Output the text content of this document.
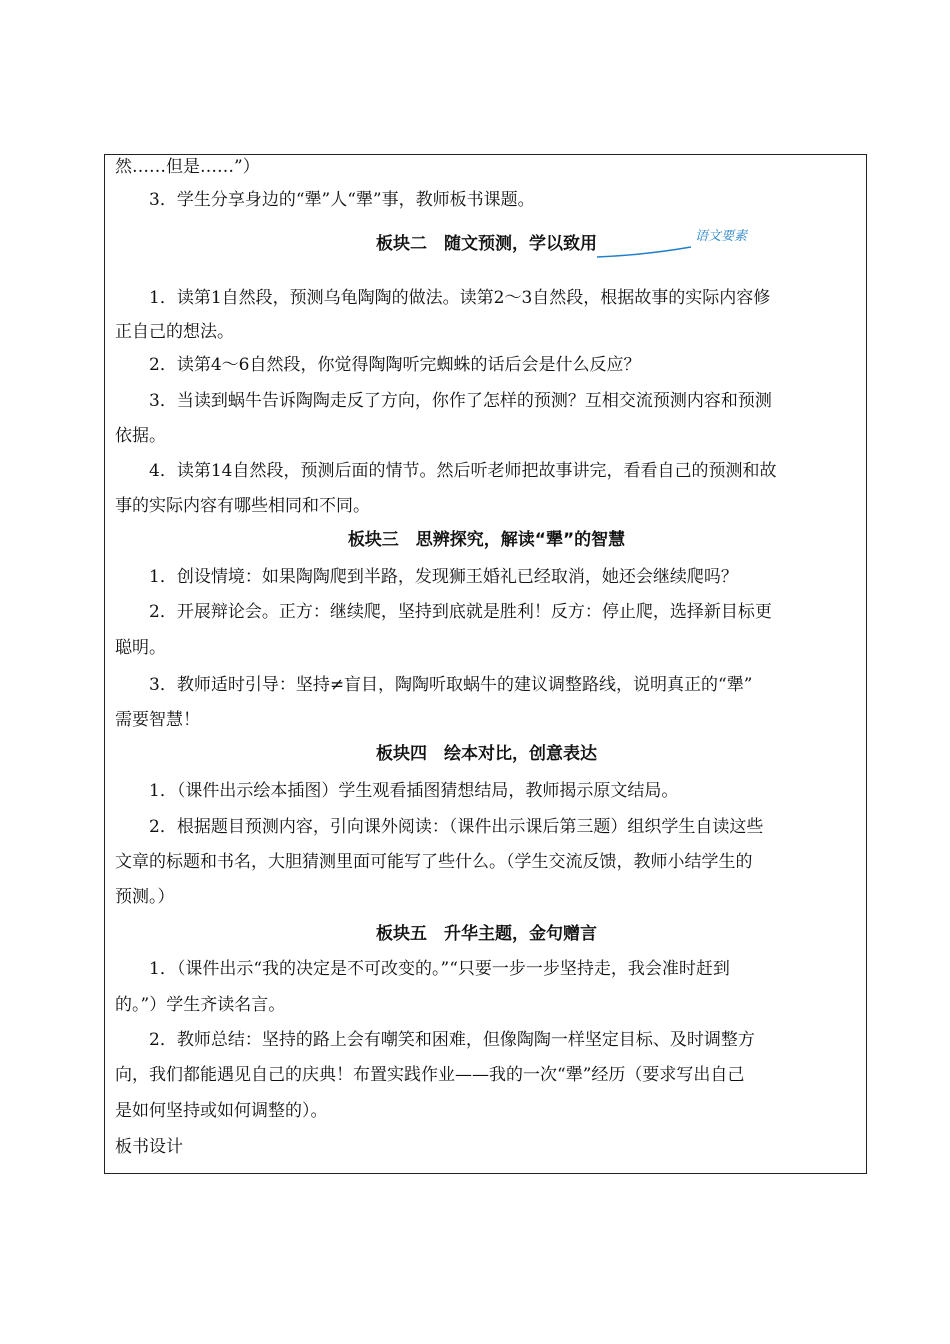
然……但是……”）
3．学生分享身边的“犟”人“犟”事，教师板书课题。
板块二　随文预测，学以致用	语文要素
1．读第1自然段，预测乌龟陶陶的做法。读第2～3自然段，根据故事的实际内容修
正自己的想法。
2．读第4～6自然段，你觉得陶陶听完蜘蛛的话后会是什么反应？
3．当读到蜗牛告诉陶陶走反了方向，你作了怎样的预测？互相交流预测内容和预测
依据。
4．读第14自然段，预测后面的情节。然后听老师把故事讲完，看看自己的预测和故
事的实际内容有哪些相同和不同。
板块三　思辨探究，解读“犟”的智慧
1．创设情境：如果陶陶爬到半路，发现狮王婚礼已经取消，她还会继续爬吗？
2．开展辩论会。正方：继续爬，坚持到底就是胜利！反方：停止爬，选择新目标更
聪明。
3．教师适时引导：坚持≠盲目，陶陶听取蜗牛的建议调整路线，说明真正的“犟”
需要智慧！
板块四　绘本对比，创意表达
1．（课件出示绘本插图）学生观看插图猜想结局，教师揭示原文结局。
2．根据题目预测内容，引向课外阅读：（课件出示课后第三题）组织学生自读这些
文章的标题和书名，大胆猜测里面可能写了些什么。（学生交流反馈，教师小结学生的
预测。）
板块五　升华主题，金句赠言
1．（课件出示“我的决定是不可改变的。”“只要一步一步坚持走，我会准时赶到
的。”）学生齐读名言。
2．教师总结：坚持的路上会有嘲笑和困难，但像陶陶一样坚定目标、及时调整方
向，我们都能遇见自己的庆典！布置实践作业——我的一次“犟”经历（要求写出自己
是如何坚持或如何调整的）。
板书设计
